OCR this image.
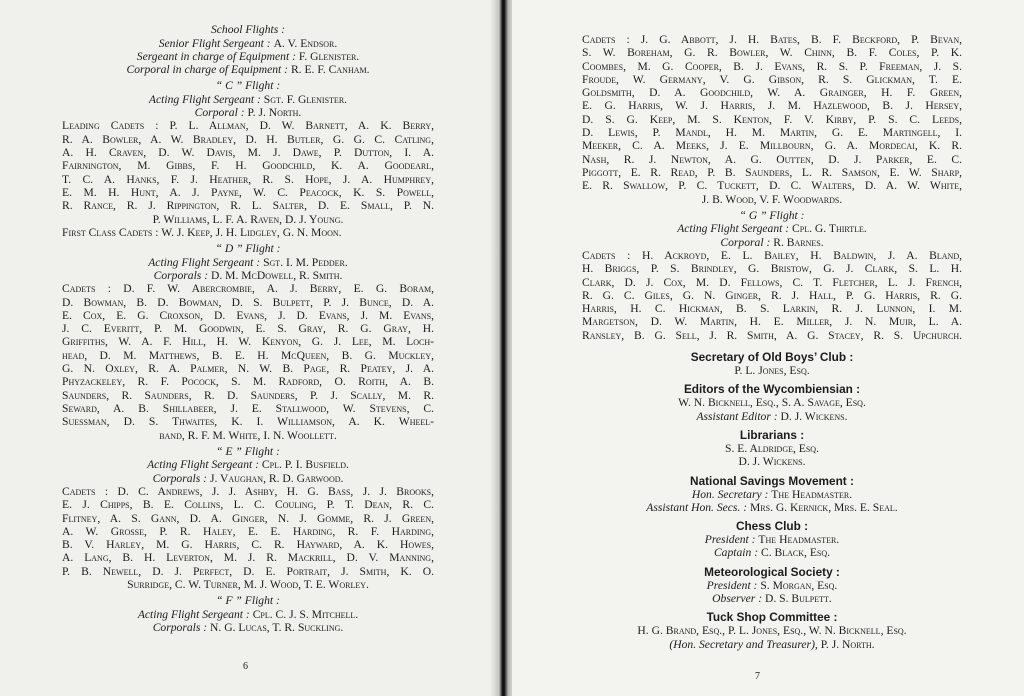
School Flights :
Senior Flight Sergeant : A. V. Endsor.
Sergeant in charge of Equipment : F. Glenister.
Corporal in charge of Equipment : R. E. F. Canham.
“ C ” Flight :
Acting Flight Sergeant : Sgt. F. Glenister.
Corporal : P. J. North.
Leading Cadets : P. L. Allman, D. W. Barnett, A. K. Berry,
R. A. Bowler, A. W. Bradley, D. H. Butler, G. G. C. Catling,
A. H. Craven, D. W. Davis, M. J. Dawe, P. Dutton, I. A.
Fairnington, M. Gibbs, F. H. Goodchild, K. A. Goodearl,
T. C. A. Hanks, F. J. Heather, R. S. Hope, J. A. Humphrey,
E. M. H. Hunt, A. J. Payne, W. C. Peacock, K. S. Powell,
R. Rance, R. J. Rippington, R. L. Salter, D. E. Small, P. N.
P. Williams, L. F. A. Raven, D. J. Young.
First Class Cadets : W. J. Keep, J. H. Lidgley, G. N. Moon.
“ D ” Flight :
Acting Flight Sergeant : Sgt. I. M. Pedder.
Corporals : D. M. McDowell, R. Smith.
Cadets : D. F. W. Abercrombie, A. J. Berry, E. G. Boram,
D. Bowman, B. D. Bowman, D. S. Bulpett, P. J. Bunce, D. A.
E. Cox, E. G. Croxson, D. Evans, J. D. Evans, J. M. Evans,
J. C. Everitt, P. M. Goodwin, E. S. Gray, R. G. Gray, H.
Griffiths, W. A. F. Hill, H. W. Kenyon, G. J. Lee, M. Loch-
head, D. M. Matthews, B. E. H. McQueen, B. G. Muckley,
G. N. Oxley, R. A. Palmer, N. W. B. Page, R. Peatey, J. A.
Phyzackeley, R. F. Pocock, S. M. Radford, O. Roith, A. B.
Saunders, R. Saunders, R. D. Saunders, P. J. Scally, M. R.
Seward, A. B. Shillabeer, J. E. Stallwood, W. Stevens, C.
Suessman, D. S. Thwaites, K. I. Williamson, A. K. Wheel-
band, R. F. M. White, I. N. Woollett.
“ E ” Flight :
Acting Flight Sergeant : Cpl. P. I. Busfield.
Corporals : J. Vaughan, R. D. Garwood.
Cadets : D. C. Andrews, J. J. Ashby, H. G. Bass, J. J. Brooks,
E. J. Chipps, B. E. Collins, L. C. Couling, P. T. Dean, R. C.
Flitney, A. S. Gann, D. A. Ginger, N. J. Gomme, R. J. Green,
A. W. Grosse, P. R. Haley, E. E. Harding, R. F. Harding,
B. V. Harley, M. G. Harris, C. R. Hayward, A. K. Howes,
A. Lang, B. H. Leverton, M. J. R. Mackrill, D. V. Manning,
P. B. Newell, D. J. Perfect, D. E. Portrait, J. Smith, K. O.
Surridge, C. W. Turner, M. J. Wood, T. E. Worley.
“ F ” Flight :
Acting Flight Sergeant : Cpl. C. J. S. Mitchell.
Corporals : N. G. Lucas, T. R. Suckling.
6
Cadets : J. G. Abbott, J. H. Bates, B. F. Beckford, P. Bevan,
S. W. Boreham, G. R. Bowler, W. Chinn, B. F. Coles, P. K.
Coombes, M. G. Cooper, B. J. Evans, R. S. P. Freeman, J. S.
Froude, W. Germany, V. G. Gibson, R. S. Glickman, T. E.
Goldsmith, D. A. Goodchild, W. A. Grainger, H. F. Green,
E. G. Harris, W. J. Harris, J. M. Hazlewood, B. J. Hersey,
D. S. G. Keep, M. S. Kenton, F. V. Kirby, P. S. C. Leeds,
D. Lewis, P. Mandl, H. M. Martin, G. E. Martingell, I.
Meeker, C. A. Meeks, J. E. Millbourn, G. A. Mordecai, K. R.
Nash, R. J. Newton, A. G. Outten, D. J. Parker, E. C.
Piggott, E. R. Read, P. B. Saunders, L. R. Samson, E. W. Sharp,
E. R. Swallow, P. C. Tuckett, D. C. Walters, D. A. W. White,
J. B. Wood, V. F. Woodwards.
“ G ” Flight :
Acting Flight Sergeant : Cpl. G. Thirtle.
Corporal : R. Barnes.
Cadets : H. Ackroyd, E. L. Bailey, H. Baldwin, J. A. Bland,
H. Briggs, P. S. Brindley, G. Bristow, G. J. Clark, S. L. H.
Clark, D. J. Cox, M. D. Fellows, C. T. Fletcher, L. J. French,
R. G. C. Giles, G. N. Ginger, R. J. Hall, P. G. Harris, R. G.
Harris, H. C. Hickman, B. S. Larkin, R. J. Lunnon, I. M.
Margetson, D. W. Martin, H. E. Miller, J. N. Muir, L. A.
Ransley, B. G. Sell, J. R. Smith, A. G. Stacey, R. S. Upchurch.
Secretary of Old Boys’ Club :
P. L. Jones, Esq.
Editors of the Wycombiensian :
W. N. Bicknell, Esq., S. A. Savage, Esq.
Assistant Editor : D. J. Wickens.
Librarians :
S. E. Aldridge, Esq.
D. J. Wickens.
National Savings Movement :
Hon. Secretary : The Headmaster.
Assistant Hon. Secs. : Mrs. G. Kernick, Mrs. E. Seal.
Chess Club :
President : The Headmaster.
Captain : C. Black, Esq.
Meteorological Society :
President : S. Morgan, Esq.
Observer : D. S. Bulpett.
Tuck Shop Committee :
H. G. Brand, Esq., P. L. Jones, Esq., W. N. Bicknell, Esq.
(Hon. Secretary and Treasurer), P. J. North.
7
